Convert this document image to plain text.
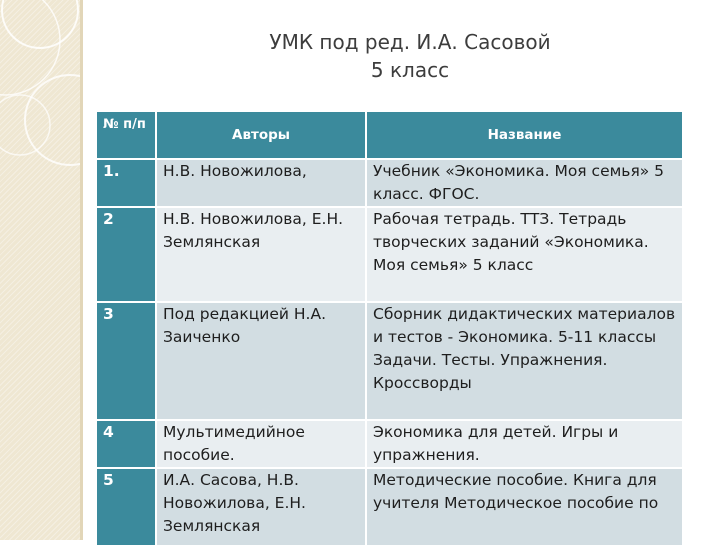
УМК под ред. И.А. Сасовой
5 класс
№ п/п	Авторы	Название
1.	Н.В. Новожилова,	Учебник «Экономика. Моя семья» 5 класс. ФГОС.
2	Н.В. Новожилова, Е.Н. Землянская	Рабочая тетрадь. ТТЗ. Тетрадь творческих заданий «Экономика. Моя семья» 5 класс
3	Под редакцией Н.А. Заиченко	Сборник дидактических материалов и тестов - Экономика. 5-11 классы Задачи. Тесты. Упражнения. Кроссворды
4	Мультимедийное пособие.	Экономика для детей. Игры и упражнения.
5	И.А. Сасова, Н.В. Новожилова, Е.Н. Землянская	Методические пособие. Книга для учителя Методическое пособие по
